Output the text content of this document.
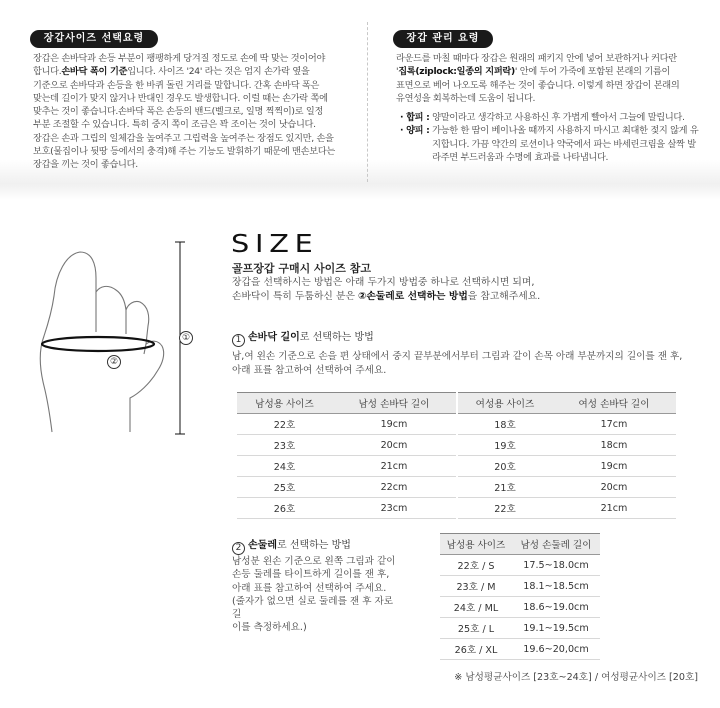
장갑사이즈 선택요령
장갑은 손바닥과 손등 부분이 팽팽하게 당겨질 정도로 손에 딱 맞는 것이어야
합니다.손바닥 폭이 기준입니다. 사이즈 '24' 라는 것은 엄지 손가락 옆을
기준으로 손바닥과 손등을 한 바퀴 돌린 거리를 말합니다. 간혹 손바닥 폭은
맞는데 길이가 맞지 않거나 반대인 경우도 발생합니다. 이럴 때는 손가락 쪽에
맞추는 것이 좋습니다.손바닥 폭은 손등의 밴드(벨크로, 일명 찍찍이)로 일정
부분 조절할 수 있습니다. 특히 중지 쪽이 조금은 꽉 조이는 것이 낫습니다.
장갑은 손과 그립의 일체감을 높여주고 그립력을 높여주는 장점도 있지만, 손을
보호(물집이나 뒷땅 등에서의 충격)해 주는 기능도 발휘하기 때문에 맨손보다는
장갑을 끼는 것이 좋습니다.
장갑 관리 요령
라운드를 마칠 때마다 장갑은 원래의 패키지 안에 넣어 보관하거나 커다란
'집록(ziplock:일종의 지퍼락)' 안에 두어 가죽에 포함된 본래의 기름이
표면으로 베어 나오도록 해주는 것이 좋습니다. 이렇게 하면 장갑이 본래의
유연성을 회복하는데 도움이 됩니다.
· 합피 :
양말이라고 생각하고 사용하신 후 가볍게 빨아서 그늘에 말립니다.
· 양피 :
가능한 한 땀이 베이나올 때까지 사용하지 마시고 최대한 젖지 않게 유지합니다. 가끔 약간의 로션이나 약국에서 파는 바세린크림을 살짝 발라주면 부드러움과 수명에 효과를 나타냅니다.
①
②
SIZE
골프장갑 구매시 사이즈 참고
장갑을 선택하시는 방법은 아래 두가지 방법중 하나로 선택하시면 되며,
손바닥이 특히 두툼하신 분은 ②손둘레로 선택하는 방법을 참고해주세요.
1 손바닥 길이로 선택하는 방법
남,여 왼손 기준으로 손을 편 상태에서 중지 끝부분에서부터 그림과 같이 손목 아래 부분까지의 길이를 잰 후,
아래 표를 참고하여 선택하여 주세요.
남성용 사이즈	남성 손바닥 길이	여성용 사이즈	여성 손바닥 길이
22호	19cm	18호	17cm
23호	20cm	19호	18cm
24호	21cm	20호	19cm
25호	22cm	21호	20cm
26호	23cm	22호	21cm
2 손둘레로 선택하는 방법
남성분 왼손 기준으로 왼쪽 그림과 같이
손등 둘레를 타이트하게 길이를 잰 후,
아래 표를 참고하여 선택하여 주세요.
(줄자가 없으면 실로 둘레를 잰 후 자로 길
이를 측정하세요.)
남성용 사이즈	남성 손둘레 길이
22호 / S	17.5~18.0cm
23호 / M	18.1~18.5cm
24호 / ML	18.6~19.0cm
25호 / L	19.1~19.5cm
26호 / XL	19.6~20,0cm
※ 남성평균사이즈 [23호~24호] / 여성평균사이즈 [20호]
